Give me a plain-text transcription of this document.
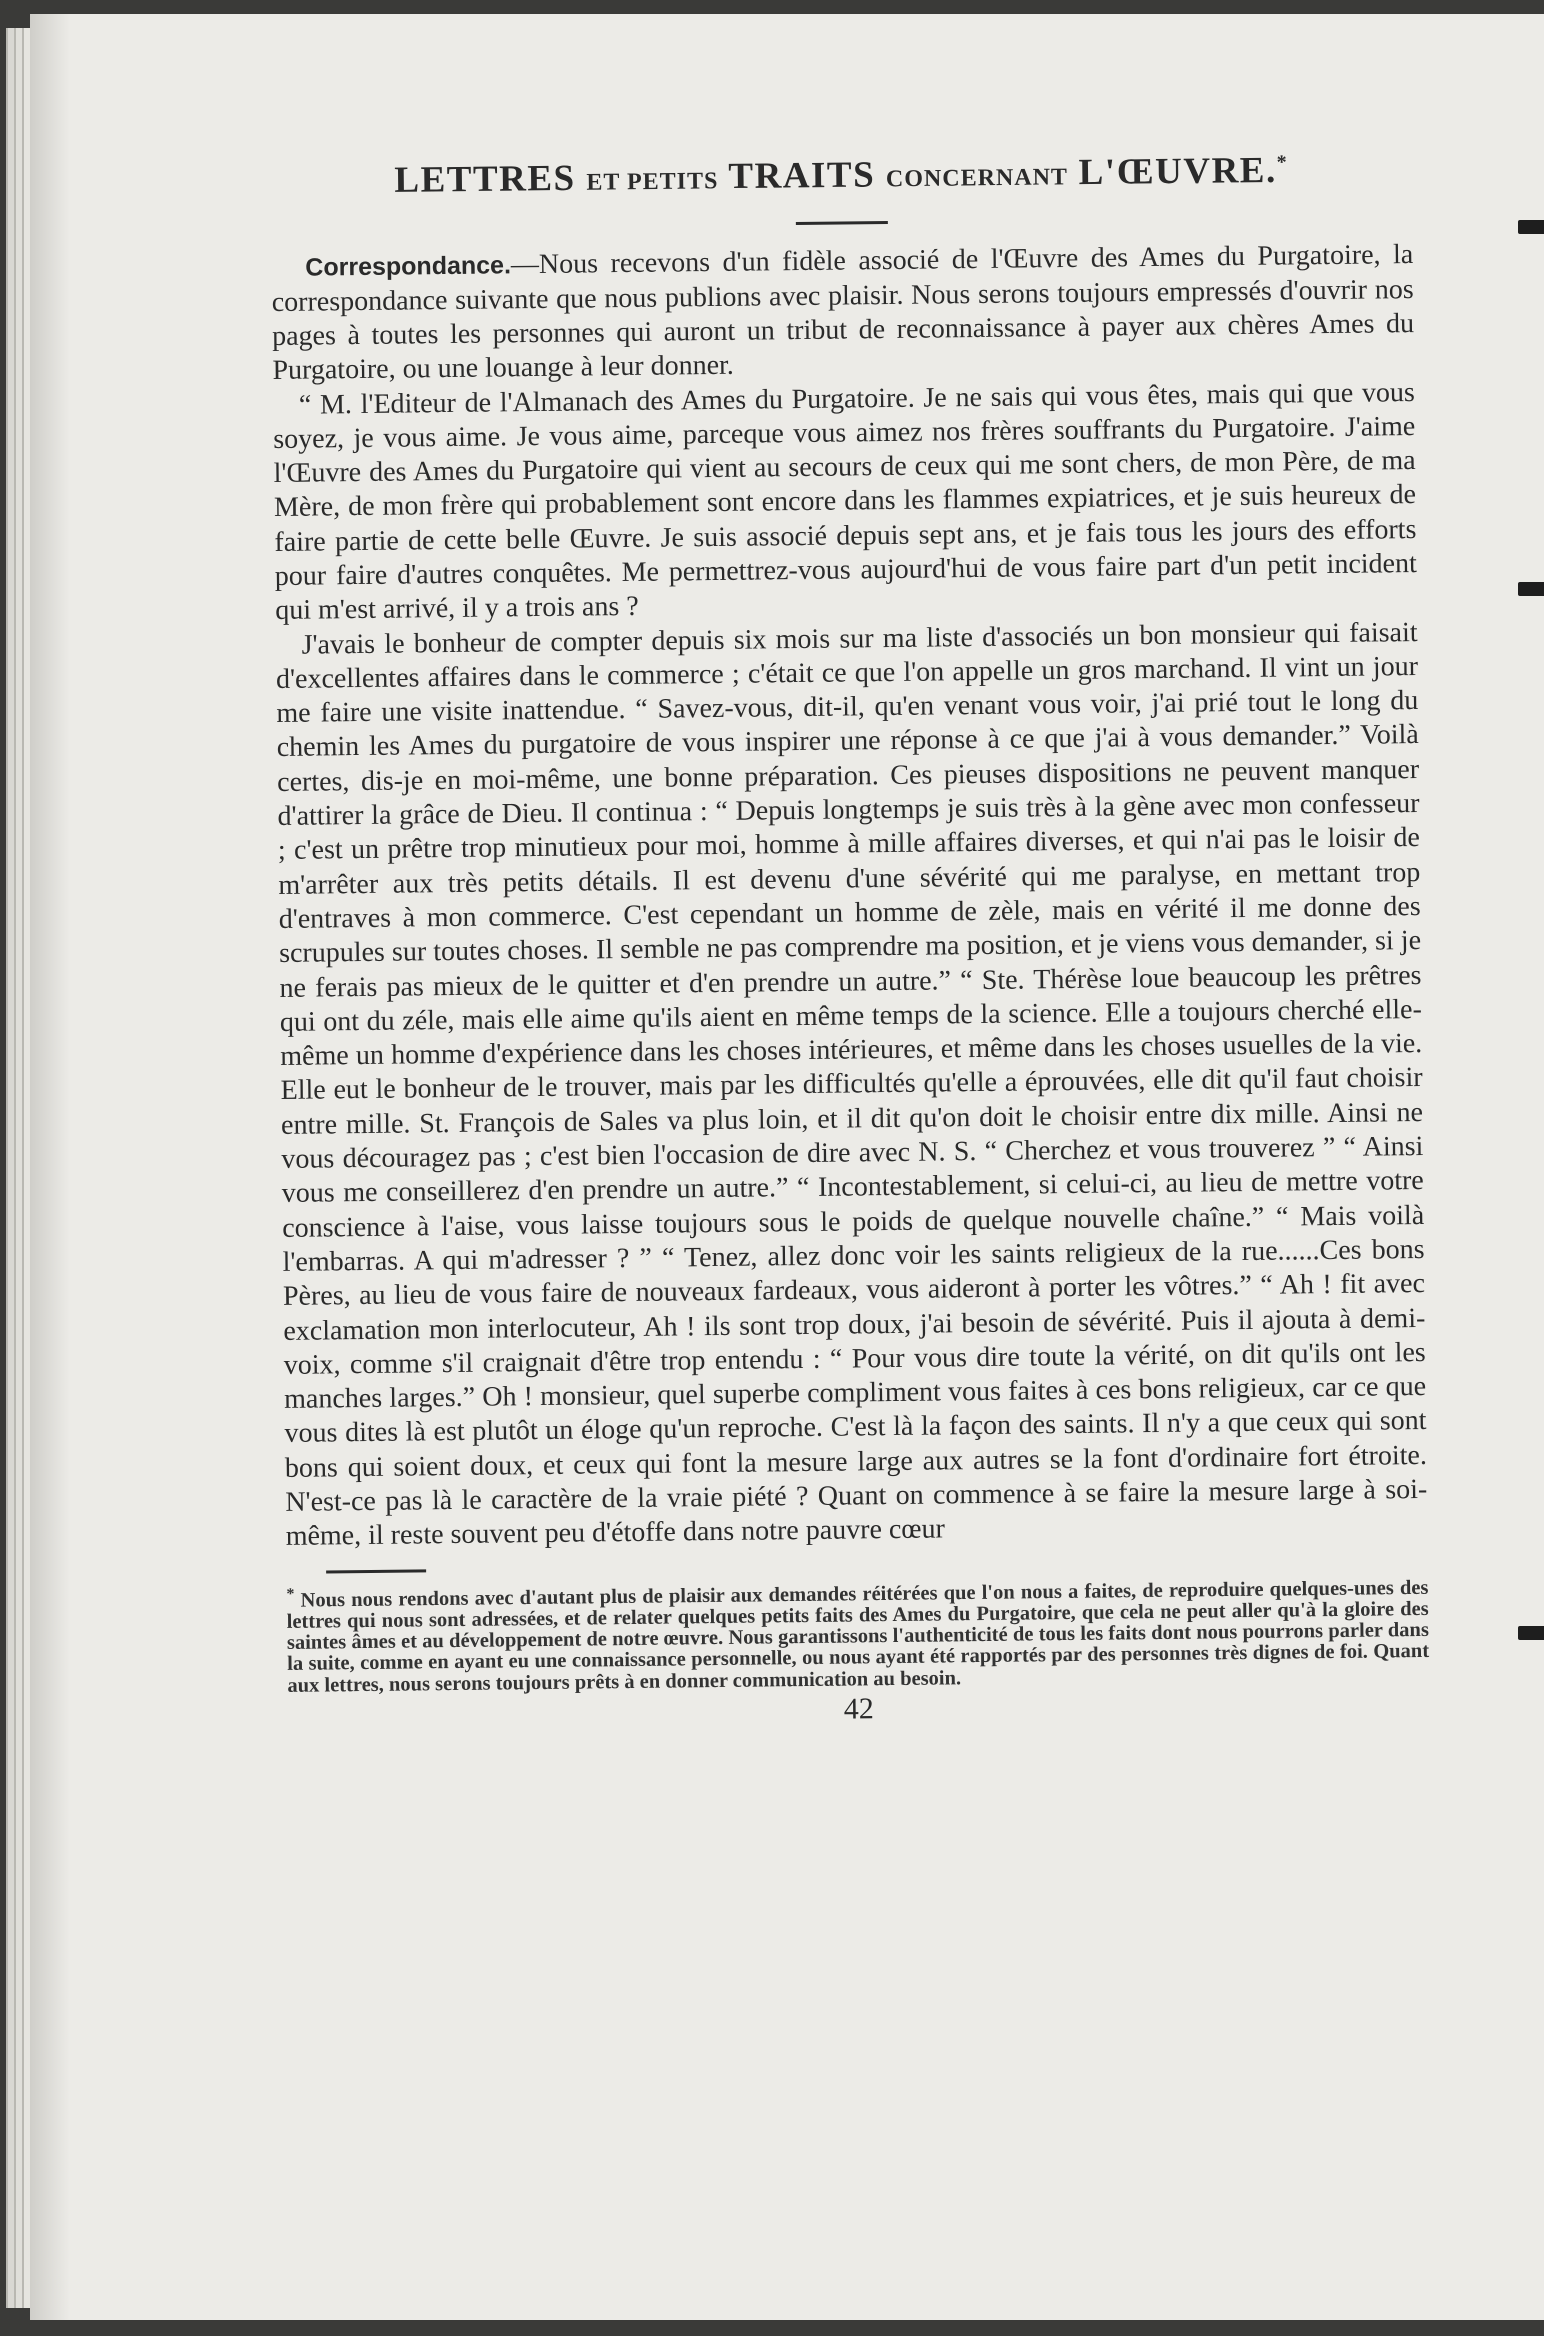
LETTRES ET PETITS TRAITS CONCERNANT L'ŒUVRE.*

Correspondance.—Nous recevons d'un fidèle associé de l'Œuvre des Ames du Purgatoire, la correspondance suivante que nous publions avec plaisir. Nous serons toujours empressés d'ouvrir nos pages à toutes les personnes qui auront un tribut de reconnaissance à payer aux chères Ames du Purgatoire, ou une louange à leur donner.

“ M. l'Editeur de l'Almanach des Ames du Purgatoire. Je ne sais qui vous êtes, mais qui que vous soyez, je vous aime. Je vous aime, parceque vous aimez nos frères souffrants du Purgatoire. J'aime l'Œuvre des Ames du Purgatoire qui vient au secours de ceux qui me sont chers, de mon Père, de ma Mère, de mon frère qui probablement sont encore dans les flammes expiatrices, et je suis heureux de faire partie de cette belle Œuvre. Je suis associé depuis sept ans, et je fais tous les jours des efforts pour faire d'autres conquêtes. Me permettrez-vous aujourd'hui de vous faire part d'un petit incident qui m'est arrivé, il y a trois ans ?

J'avais le bonheur de compter depuis six mois sur ma liste d'associés un bon monsieur qui faisait d'excellentes affaires dans le commerce ; c'était ce que l'on appelle un gros marchand. Il vint un jour me faire une visite inattendue. “ Savez-vous, dit-il, qu'en venant vous voir, j'ai prié tout le long du chemin les Ames du purgatoire de vous inspirer une réponse à ce que j'ai à vous demander.” Voilà certes, dis-je en moi-même, une bonne préparation. Ces pieuses dispositions ne peuvent manquer d'attirer la grâce de Dieu. Il continua : “ Depuis longtemps je suis très à la gène avec mon confesseur ; c'est un prêtre trop minutieux pour moi, homme à mille affaires diverses, et qui n'ai pas le loisir de m'arrêter aux très petits détails. Il est devenu d'une sévérité qui me paralyse, en mettant trop d'entraves à mon commerce. C'est cependant un homme de zèle, mais en vérité il me donne des scrupules sur toutes choses. Il semble ne pas comprendre ma position, et je viens vous demander, si je ne ferais pas mieux de le quitter et d'en prendre un autre.” “ Ste. Thérèse loue beaucoup les prêtres qui ont du zéle, mais elle aime qu'ils aient en même temps de la science. Elle a toujours cherché elle-même un homme d'expérience dans les choses intérieures, et même dans les choses usuelles de la vie. Elle eut le bonheur de le trouver, mais par les difficultés qu'elle a éprouvées, elle dit qu'il faut choisir entre mille. St. François de Sales va plus loin, et il dit qu'on doit le choisir entre dix mille. Ainsi ne vous découragez pas ; c'est bien l'occasion de dire avec N. S. “ Cherchez et vous trouverez ” “ Ainsi vous me conseillerez d'en prendre un autre.” “ Incontestablement, si celui-ci, au lieu de mettre votre conscience à l'aise, vous laisse toujours sous le poids de quelque nouvelle chaîne.” “ Mais voilà l'embarras. A qui m'adresser ? ” “ Tenez, allez donc voir les saints religieux de la rue......Ces bons Pères, au lieu de vous faire de nouveaux fardeaux, vous aideront à porter les vôtres.” “ Ah ! fit avec exclamation mon interlocuteur, Ah ! ils sont trop doux, j'ai besoin de sévérité. Puis il ajouta à demi-voix, comme s'il craignait d'être trop entendu : “ Pour vous dire toute la vérité, on dit qu'ils ont les manches larges.” Oh ! monsieur, quel superbe compliment vous faites à ces bons religieux, car ce que vous dites là est plutôt un éloge qu'un reproche. C'est là la façon des saints. Il n'y a que ceux qui sont bons qui soient doux, et ceux qui font la mesure large aux autres se la font d'ordinaire fort étroite. N'est-ce pas là le caractère de la vraie piété ? Quant on commence à se faire la mesure large à soi-même, il reste souvent peu d'étoffe dans notre pauvre cœur

* Nous nous rendons avec d'autant plus de plaisir aux demandes réitérées que l'on nous a faites, de reproduire quelques-unes des lettres qui nous sont adressées, et de relater quelques petits faits des Ames du Purgatoire, que cela ne peut aller qu'à la gloire des saintes âmes et au développement de notre œuvre. Nous garantissons l'authenticité de tous les faits dont nous pourrons parler dans la suite, comme en ayant eu une connaissance personnelle, ou nous ayant été rapportés par des personnes très dignes de foi. Quant aux lettres, nous serons toujours prêts à en donner communication au besoin.

42
